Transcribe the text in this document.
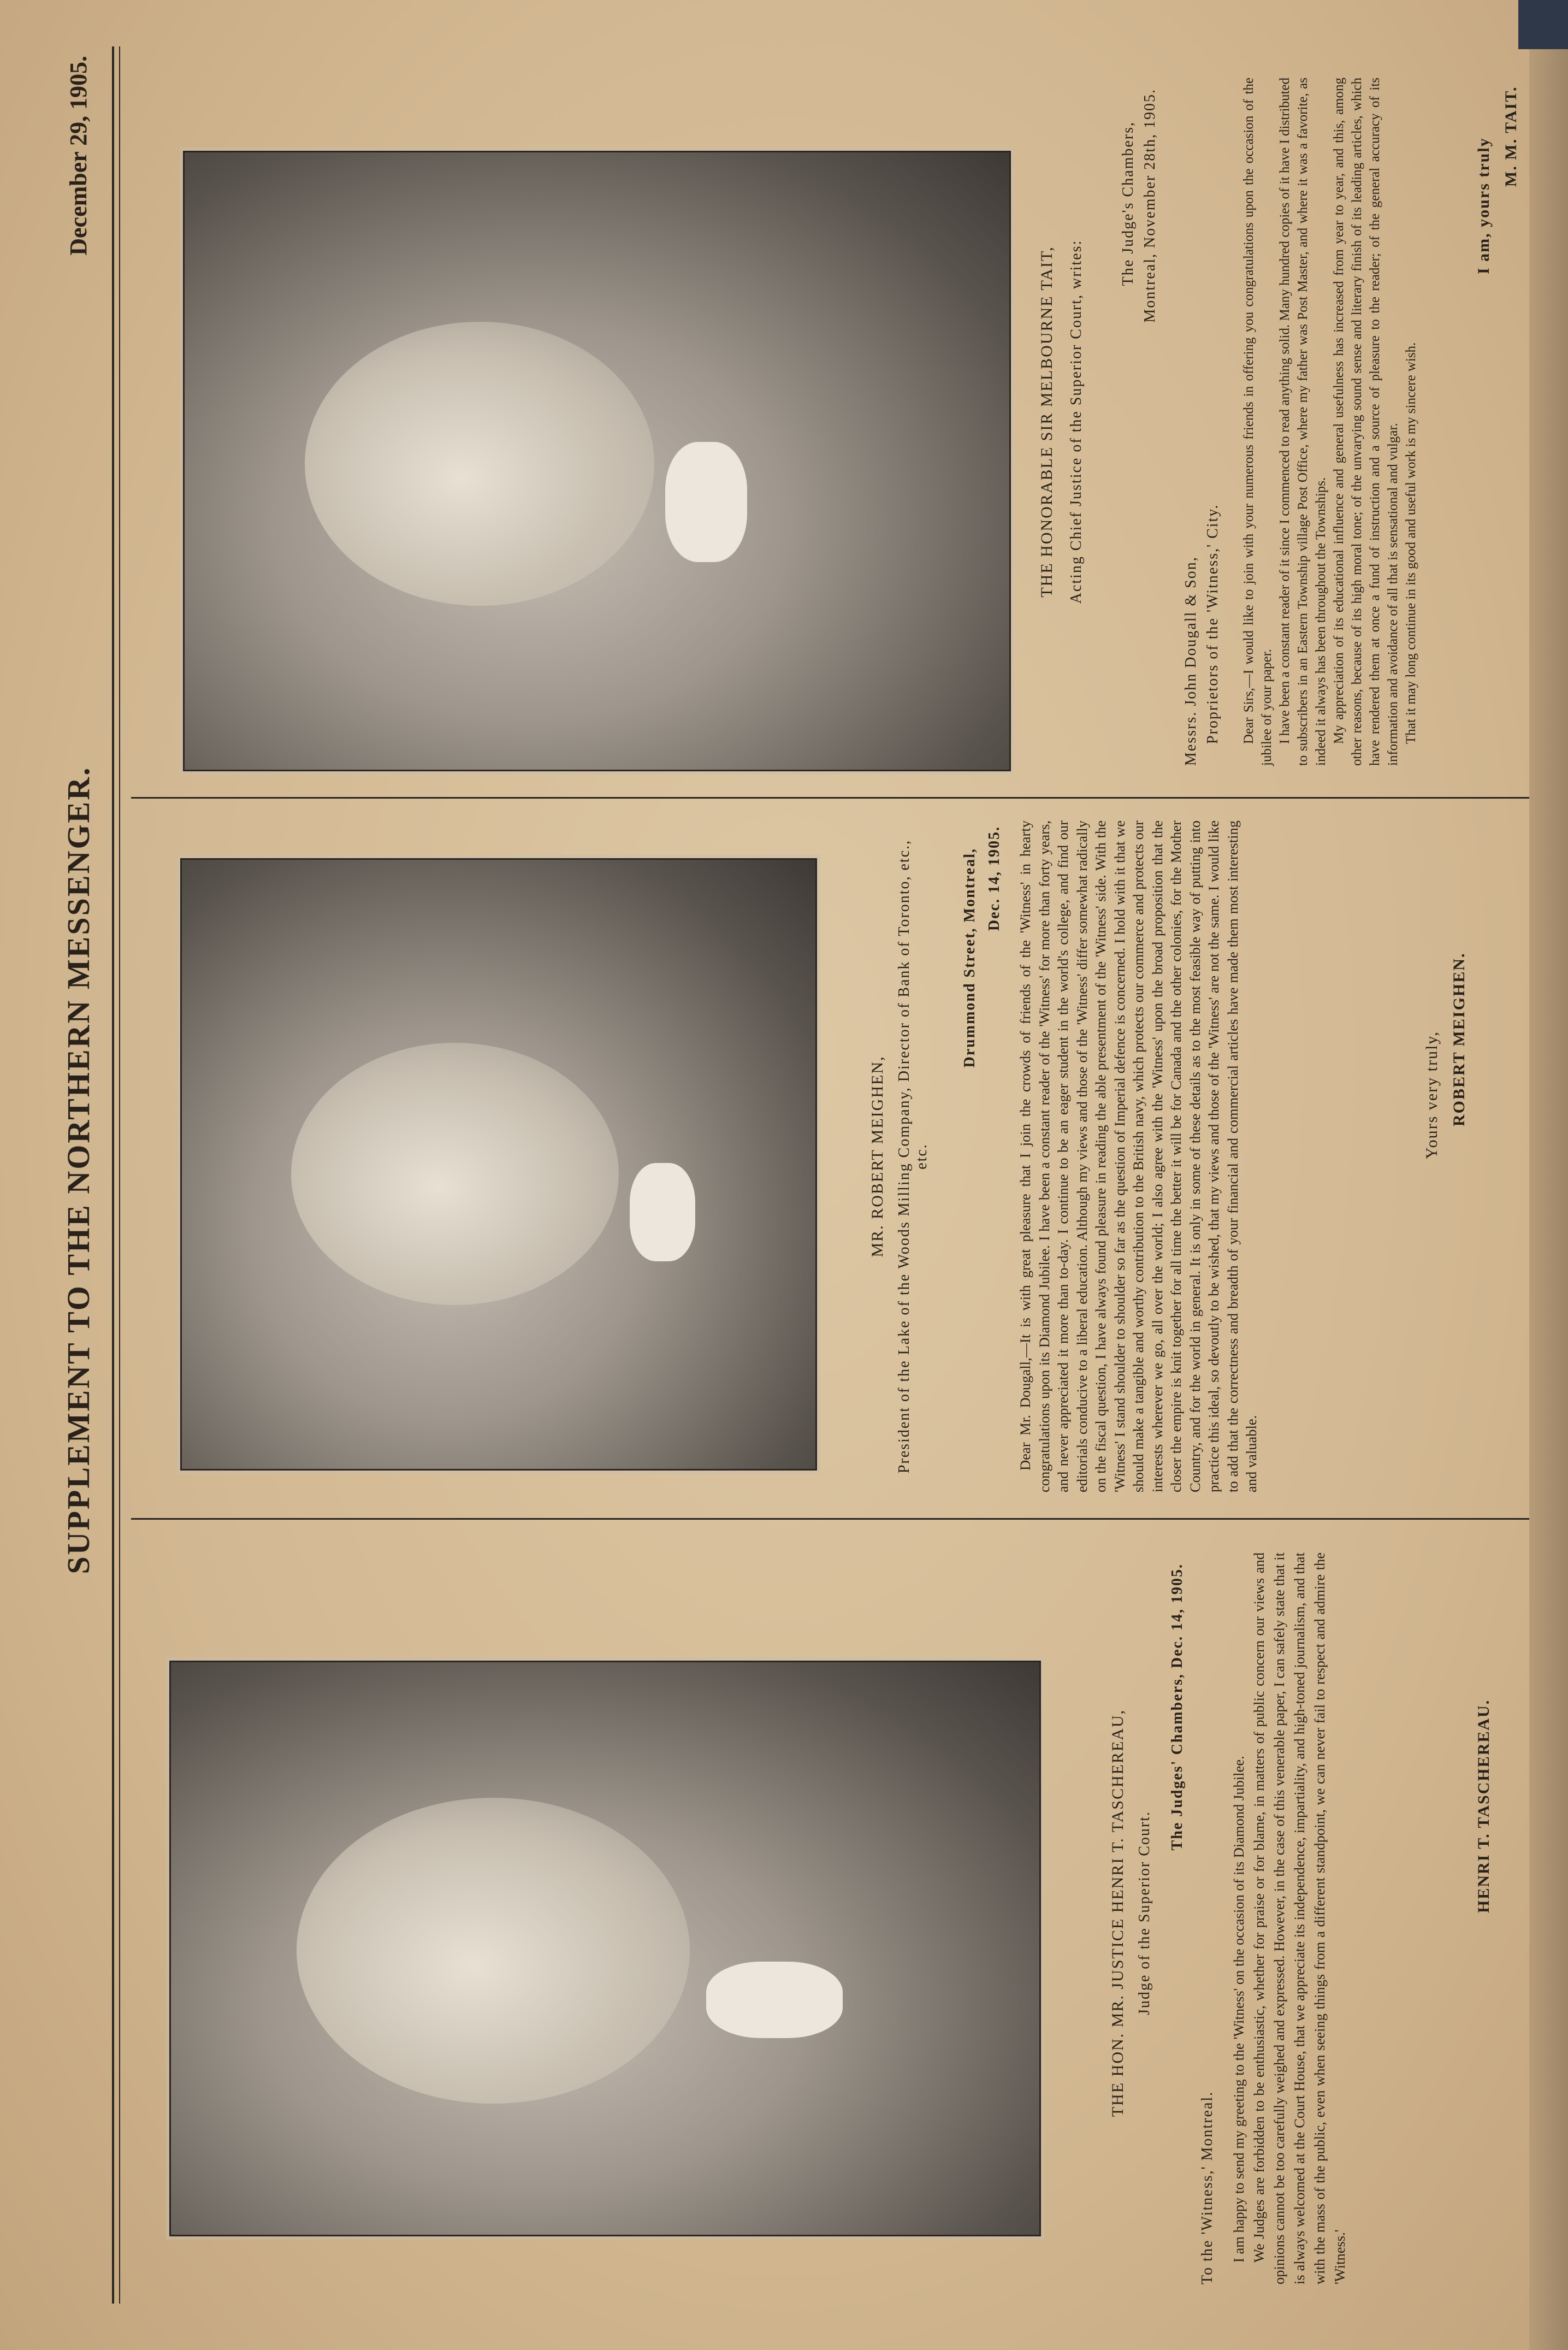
SUPPLEMENT TO THE NORTHERN MESSENGER.
December 29, 1905.
THE HON. MR. JUSTICE HENRI T. TASCHEREAU, Judge of the Superior Court.
The Judges' Chambers, Dec. 14, 1905.
To the 'Witness,' Montreal. I am happy to send my greeting to the 'Witness' on the occasion of its Diamond Jubilee. We Judges are forbidden to be enthusiastic, whether for praise or for blame, in matters of public concern our views and opinions cannot be too carefully weighed and expressed. However, in the case of this venerable paper, I can safely state that it is always welcomed at the Court House, that we appreciate its independence, impartiality, and high-toned journalism, and that with the mass of the public, even when seeing things from a different standpoint, we can never fail to respect and admire the 'Witness.'

HENRI T. TASCHEREAU.
MR. ROBERT MEIGHEN, President of the Lake of the Woods Milling Company, Director of Bank of Toronto, etc., etc.
Drummond Street, Montreal, Dec. 14, 1905. Dear Mr. Dougall,—It is with great pleasure that I join the crowds of friends of the 'Witness' in hearty congratulations upon its Diamond Jubilee. I have been a constant reader of the 'Witness' for more than forty years, and never appreciated it more than to-day. I continue to be an eager student in the world's college, and find our editorials conducive to a liberal education. Although my views and those of the 'Witness' differ somewhat radically on the fiscal question, I have always found pleasure in reading the able presentment of the 'Witness' side. With the 'Witness' I stand shoulder to shoulder so far as the question of Imperial defence is concerned. I hold with it that we should make a tangible and worthy contribution to the British navy, which protects our commerce and protects our interests wherever we go, all over the world; I also agree with the 'Witness' upon the broad proposition that the closer the empire is knit together for all time the better it will be for Canada and the other colonies, for the Mother Country, and for the world in general. It is only in some of these details as to the most feasible way of putting into practice this ideal, so devoutly to be wished, that my views and those of the 'Witness' are not the same. I would like to add that the correctness and breadth of your financial and commercial articles have made them most interesting and valuable.

Yours very truly, ROBERT MEIGHEN.
THE HONORABLE SIR MELBOURNE TAIT, Acting Chief Justice of the Superior Court, writes:
The Judge's Chambers, Montreal, November 28th, 1905.
Messrs. John Dougall & Son, Proprietors of the 'Witness,' City. Dear Sirs,—I would like to join with your numerous friends in offering you congratulations upon the occasion of the jubilee of your paper. I have been a constant reader of it since I commenced to read anything solid. Many hundred copies of it have I distributed to subscribers in an Eastern Township village Post Office, where my father was Post Master, and where it was a favorite, as indeed it always has been throughout the Townships. My appreciation of its educational influence and general usefulness has increased from year to year, and this, among other reasons, because of its high moral tone; of the unvarying sound sense and literary finish of its leading articles, which have rendered them at once a fund of instruction and a source of pleasure to the reader; of the general accuracy of its information and avoidance of all that is sensational and vulgar. That it may long continue in its good and useful work is my sincere wish.

I am, yours truly
M. M. TAIT.
